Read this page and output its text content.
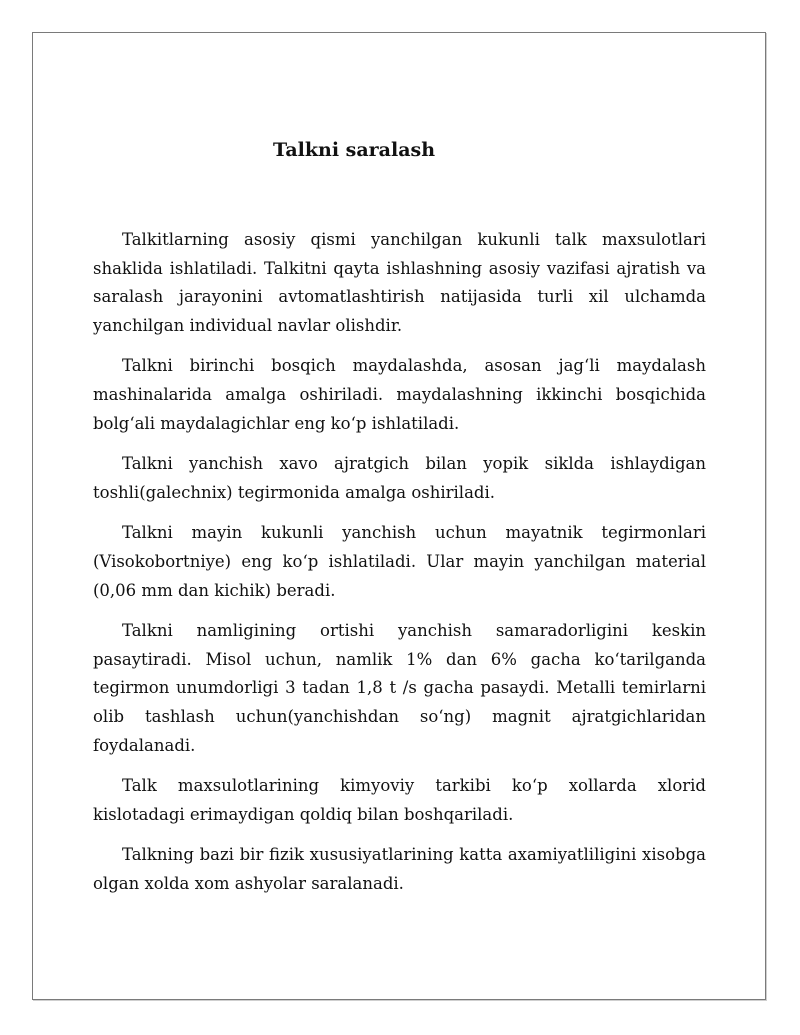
Talkni saralash

Talkitlarning asosiy qismi yanchilgan kukunli talk maxsulotlari shaklida ishlatiladi. Talkitni qayta ishlashning asosiy vazifasi ajratish va saralash jarayonini avtomatlashtirish natijasida turli xil ulchamda yanchilgan individual navlar olishdir.

Talkni birinchi bosqich maydalashda, asosan jag‘li maydalash mashinalarida amalga oshiriladi. maydalashning ikkinchi bosqichida bolg‘ali maydalagichlar eng ko‘p ishlatiladi.

Talkni yanchish xavo ajratgich bilan yopik siklda ishlaydigan toshli(galechnix) tegirmonida amalga oshiriladi.

Talkni mayin kukunli yanchish uchun mayatnik tegirmonlari (Visokobortniye) eng ko‘p ishlatiladi. Ular mayin yanchilgan material (0,06 mm dan kichik) beradi.

Talkni namligining ortishi yanchish samaradorligini keskin pasaytiradi. Misol uchun, namlik 1% dan 6% gacha ko‘tarilganda tegirmon unumdorligi 3 tadan 1,8 t /s gacha pasaydi. Metalli temirlarni olib tashlash uchun(yanchishdan so‘ng) magnit ajratgichlaridan foydalanadi.

Talk maxsulotlarining kimyoviy tarkibi ko‘p xollarda xlorid kislotadagi erimaydigan qoldiq bilan boshqariladi.

Talkning bazi bir fizik xususiyatlarining katta axamiyatliligini xisobga olgan xolda xom ashyolar saralanadi.
